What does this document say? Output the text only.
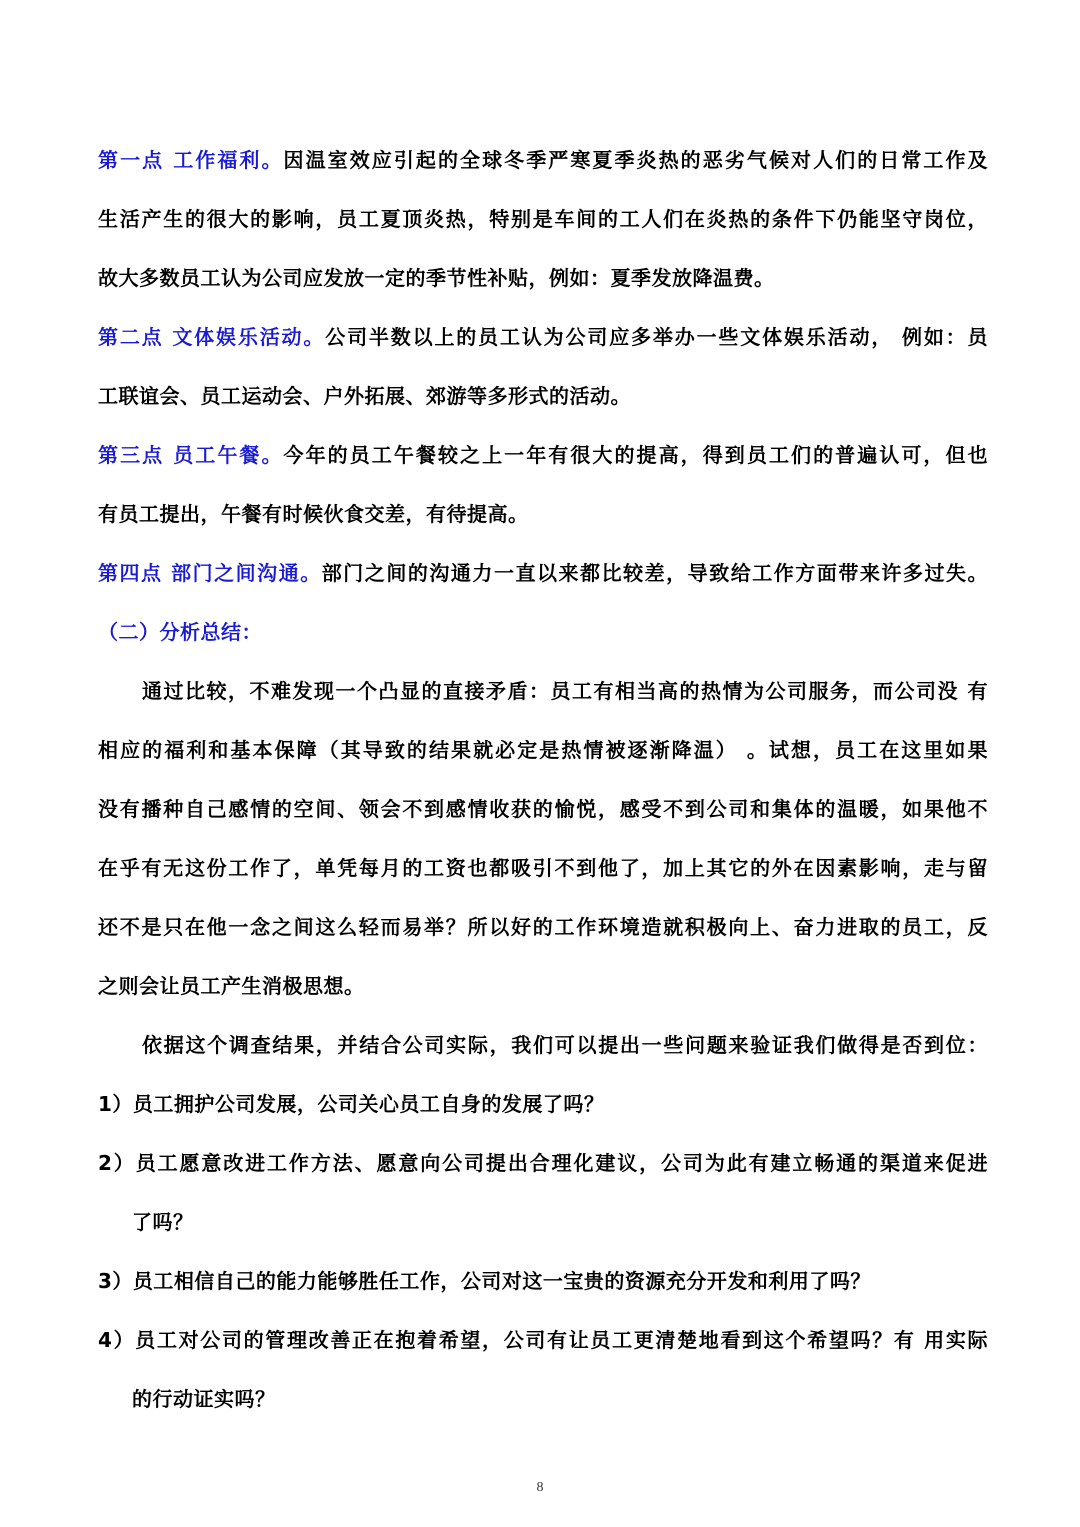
第一点 工作福利。因温室效应引起的全球冬季严寒夏季炎热的恶劣气候对人们的日常工作及
生活产生的很大的影响，员工夏顶炎热，特别是车间的工人们在炎热的条件下仍能坚守岗位，
故大多数员工认为公司应发放一定的季节性补贴，例如：夏季发放降温费。
第二点 文体娱乐活动。公司半数以上的员工认为公司应多举办一些文体娱乐活动， 例如：员
工联谊会、员工运动会、户外拓展、郊游等多形式的活动。
第三点 员工午餐。今年的员工午餐较之上一年有很大的提高，得到员工们的普遍认可，但也
有员工提出，午餐有时候伙食交差，有待提高。
第四点 部门之间沟通。部门之间的沟通力一直以来都比较差，导致给工作方面带来许多过失。
（二）分析总结：
通过比较，不难发现一个凸显的直接矛盾：员工有相当高的热情为公司服务，而公司没 有
相应的福利和基本保障（其导致的结果就必定是热情被逐渐降温） 。试想，员工在这里如果
没有播种自己感情的空间、领会不到感情收获的愉悦，感受不到公司和集体的温暖，如果他不
在乎有无这份工作了，单凭每月的工资也都吸引不到他了，加上其它的外在因素影响，走与留
还不是只在他一念之间这么轻而易举？所以好的工作环境造就积极向上、奋力进取的员工，反
之则会让员工产生消极思想。
依据这个调查结果，并结合公司实际，我们可以提出一些问题来验证我们做得是否到位：
1）员工拥护公司发展，公司关心员工自身的发展了吗？
2）员工愿意改进工作方法、愿意向公司提出合理化建议，公司为此有建立畅通的渠道来促进
了吗？
3）员工相信自己的能力能够胜任工作，公司对这一宝贵的资源充分开发和利用了吗？
4）员工对公司的管理改善正在抱着希望，公司有让员工更清楚地看到这个希望吗？有 用实际
的行动证实吗？
8
